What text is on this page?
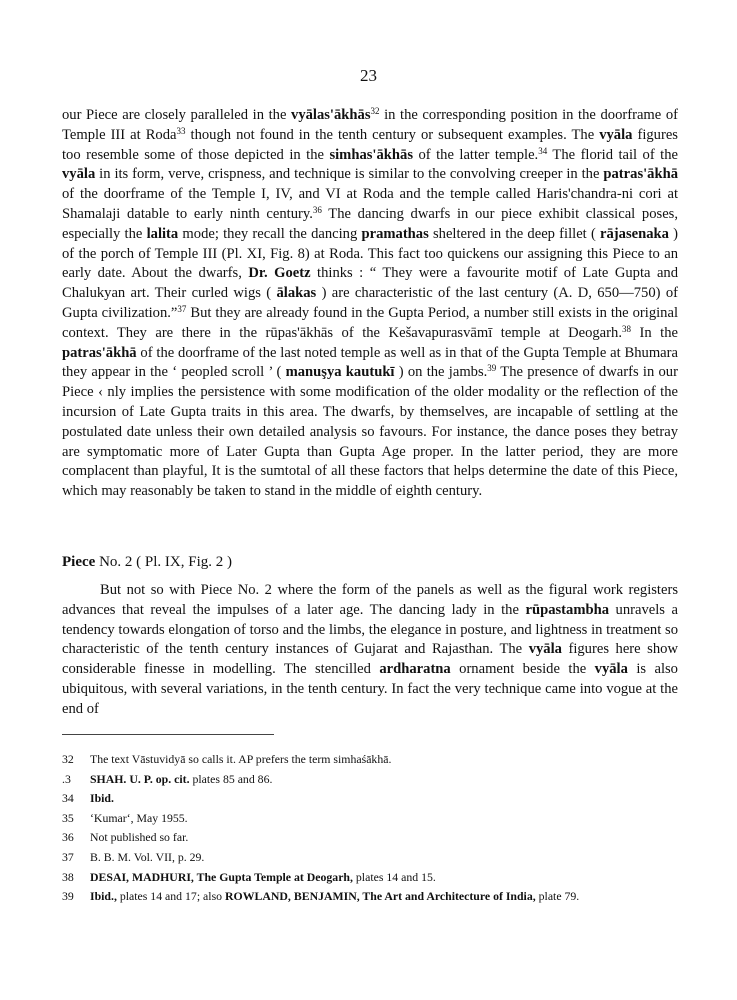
23
our Piece are closely paralleled in the vyālas'ākhās$^{32}$ in the corresponding position in the doorframe of Temple III at Roda$^{33}$ though not found in the tenth century or subsequent examples. The vyāla figures too resemble some of those depicted in the simhas'ākhās of the latter temple.$^{34}$ The florid tail of the vyāla in its form, verve, crispness, and technique is similar to the convolving creeper in the patras'ākhā of the doorframe of the Temple I, IV, and VI at Roda and the temple called Haris'chandra-ni cori at Shamalaji datable to early ninth century.$^{36}$ The dancing dwarfs in our piece exhibit classical poses, especially the lalita mode; they recall the dancing pramathas sheltered in the deep fillet ( rājasenaka ) of the porch of Temple III (Pl. XI, Fig. 8) at Roda. This fact too quickens our assigning this Piece to an early date. About the dwarfs, Dr. Goetz thinks : “ They were a favourite motif of Late Gupta and Chalukyan art. Their curled wigs ( ālakas ) are characteristic of the last century (A. D, 650—750) of Gupta civilization.”$^{37}$ But they are already found in the Gupta Period, a number still exists in the original context. They are there in the rūpas'ākhās of the Kešavapurasvāmī temple at Deogarh.$^{38}$ In the patras'ākhā of the doorframe of the last noted temple as well as in that of the Gupta Temple at Bhumara they appear in the ‘ peopled scroll ’ ( manuşya kautukī ) on the jambs.$^{39}$ The presence of dwarfs in our Piece ‹ nly implies the persistence with some modification of the older modality or the reflection of the incursion of Late Gupta traits in this area. The dwarfs, by themselves, are incapable of settling at the postulated date unless their own detailed analysis so favours. For instance, the dance poses they betray are symptomatic more of Later Gupta than Gupta Age proper. In the latter period, they are more complacent than playful, It is the sumtotal of all these factors that helps determine the date of this Piece, which may reasonably be taken to stand in the middle of eighth century.
Piece No. 2 ( Pl. IX, Fig. 2 )
But not so with Piece No. 2 where the form of the panels as well as the figural work registers advances that reveal the impulses of a later age. The dancing lady in the rūpastambha unravels a tendency towards elongation of torso and the limbs, the elegance in posture, and lightness in treatment so characteristic of the tenth century instances of Gujarat and Rajasthan. The vyāla figures here show considerable finesse in modelling. The stencilled ardharatna ornament beside the vyāla is also ubiquitous, with several variations, in the tenth century. In fact the very technique came into vogue at the end of
32 The text Vāstuvidyā so calls it. AP prefers the term simhaśākhā.
.3 SHAH. U. P. op. cit. plates 85 and 86.
34 Ibid.
35 ‘Kumar‘, May 1955.
36 Not published so far.
37 B. B. M. Vol. VII, p. 29.
38 DESAI, MADHURI, The Gupta Temple at Deogarh, plates 14 and 15.
39 Ibid., plates 14 and 17; also ROWLAND, BENJAMIN, The Art and Architecture of India, plate 79.
